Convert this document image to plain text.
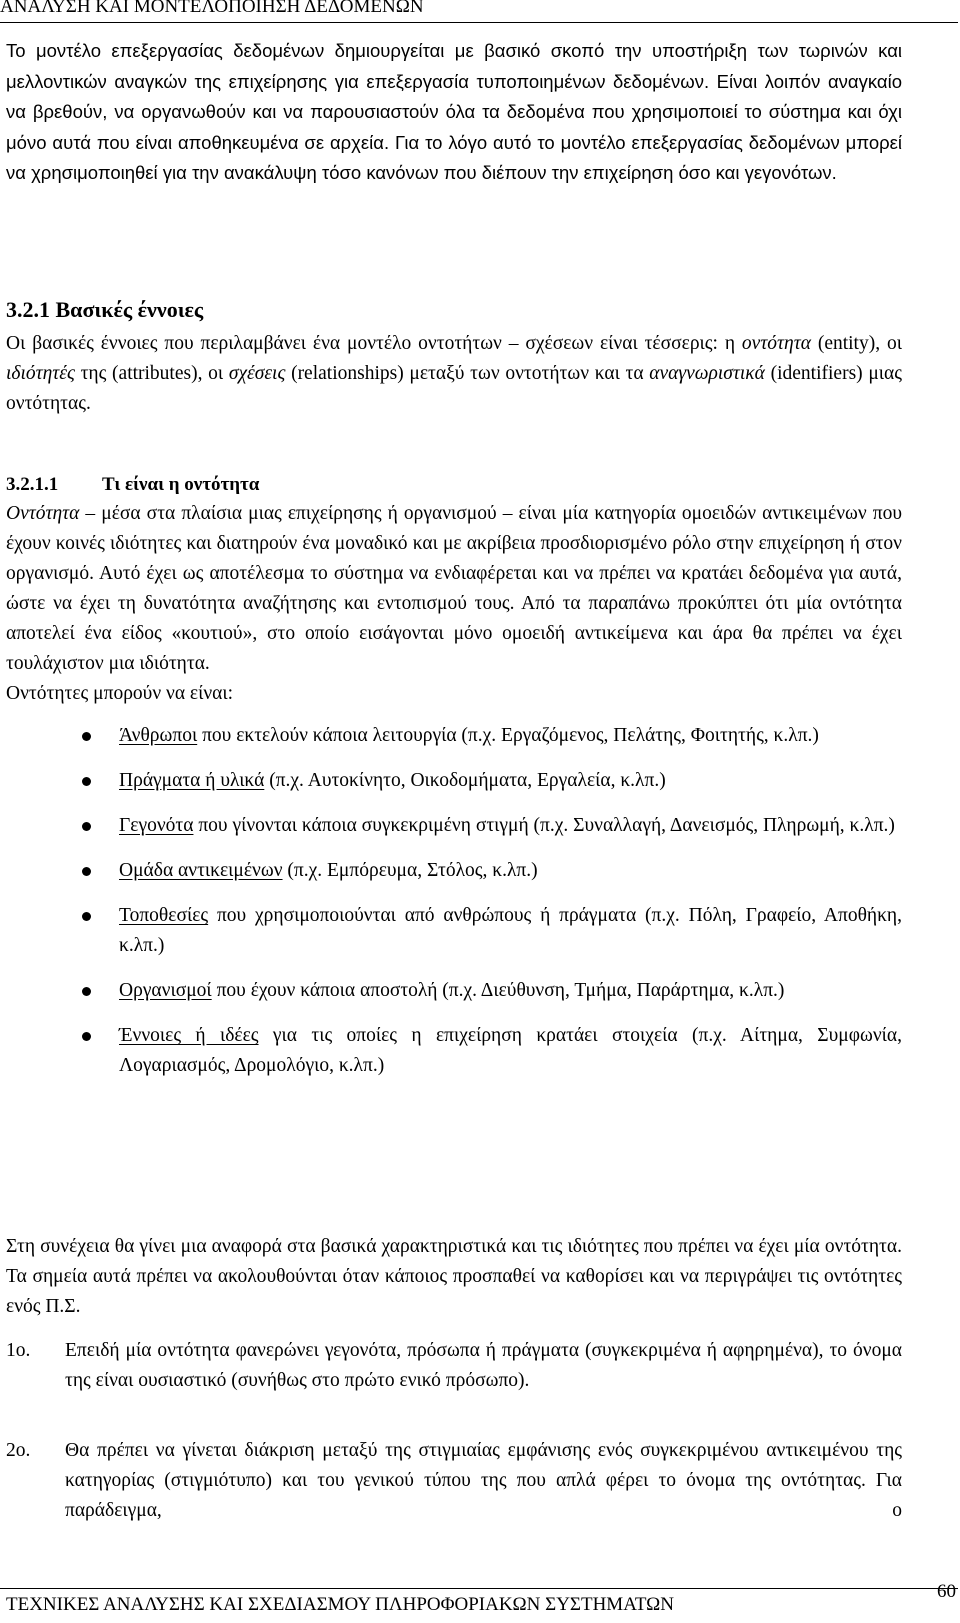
ΑΝΑΛΥΣΗ ΚΑΙ ΜΟΝΤΕΛΟΠΟΙΗΣΗ ΔΕΔΟΜΕΝΩΝ

Το μοντέλο επεξεργασίας δεδομένων δημιουργείται με βασικό σκοπό την υποστήριξη των τωρινών και μελλοντικών αναγκών της επιχείρησης για επεξεργασία τυποποιημένων δεδομένων. Είναι λοιπόν αναγκαίο να βρεθούν, να οργανωθούν και να παρουσιαστούν όλα τα δεδομένα που χρησιμοποιεί το σύστημα και όχι μόνο αυτά που είναι αποθηκευμένα σε αρχεία. Για το λόγο αυτό το μοντέλο επεξεργασίας δεδομένων μπορεί να χρησιμοποιηθεί για την ανακάλυψη τόσο κανόνων που διέπουν την επιχείρηση όσο και γεγονότων.

3.2.1 Βασικές έννοιες

Οι βασικές έννοιες που περιλαμβάνει ένα μοντέλο οντοτήτων – σχέσεων είναι τέσσερις: η οντότητα (entity), οι ιδιότητές της (attributes), οι σχέσεις (relationships) μεταξύ των οντοτήτων και τα αναγνωριστικά (identifiers) μιας οντότητας.

3.2.1.1 Τι είναι η οντότητα

Οντότητα – μέσα στα πλαίσια μιας επιχείρησης ή οργανισμού – είναι μία κατηγορία ομοειδών αντικειμένων που έχουν κοινές ιδιότητες και διατηρούν ένα μοναδικό και με ακρίβεια προσδιορισμένο ρόλο στην επιχείρηση ή στον οργανισμό. Αυτό έχει ως αποτέλεσμα το σύστημα να ενδιαφέρεται και να πρέπει να κρατάει δεδομένα για αυτά, ώστε να έχει τη δυνατότητα αναζήτησης και εντοπισμού τους. Από τα παραπάνω προκύπτει ότι μία οντότητα αποτελεί ένα είδος «κουτιού», στο οποίο εισάγονται μόνο ομοειδή αντικείμενα και άρα θα πρέπει να έχει τουλάχιστον μια ιδιότητα.
Οντότητες μπορούν να είναι:

Άνθρωποι που εκτελούν κάποια λειτουργία (π.χ. Εργαζόμενος, Πελάτης, Φοιτητής, κ.λπ.)
Πράγματα ή υλικά (π.χ. Αυτοκίνητο, Οικοδομήματα, Εργαλεία, κ.λπ.)
Γεγονότα που γίνονται κάποια συγκεκριμένη στιγμή (π.χ. Συναλλαγή, Δανεισμός, Πληρωμή, κ.λπ.)
Ομάδα αντικειμένων (π.χ. Εμπόρευμα, Στόλος, κ.λπ.)
Τοποθεσίες που χρησιμοποιούνται από ανθρώπους ή πράγματα (π.χ. Πόλη, Γραφείο, Αποθήκη, κ.λπ.)
Οργανισμοί που έχουν κάποια αποστολή (π.χ. Διεύθυνση, Τμήμα, Παράρτημα, κ.λπ.)
Έννοιες ή ιδέες για τις οποίες η επιχείρηση κρατάει στοιχεία (π.χ. Αίτημα, Συμφωνία, Λογαριασμός, Δρομολόγιο, κ.λπ.)

Στη συνέχεια θα γίνει μια αναφορά στα βασικά χαρακτηριστικά και τις ιδιότητες που πρέπει να έχει μία οντότητα. Τα σημεία αυτά πρέπει να ακολουθούνται όταν κάποιος προσπαθεί να καθορίσει και να περιγράψει τις οντότητες ενός Π.Σ.

1ο.	Επειδή μία οντότητα φανερώνει γεγονότα, πρόσωπα ή πράγματα (συγκεκριμένα ή αφηρημένα), το όνομα της είναι ουσιαστικό (συνήθως στο πρώτο ενικό πρόσωπο).
2ο.	Θα πρέπει να γίνεται διάκριση μεταξύ της στιγμιαίας εμφάνισης ενός συγκεκριμένου αντικειμένου της κατηγορίας (στιγμιότυπο) και του γενικού τύπου της που απλά φέρει το όνομα της οντότητας. Για παράδειγμα, ο
ΤΕΧΝΙΚΕΣ ΑΝΑΛΥΣΗΣ ΚΑΙ ΣΧΕΔΙΑΣΜΟΥ ΠΛΗΡΟΦΟΡΙΑΚΩΝ ΣΥΣΤΗΜΑΤΩΝ
60
